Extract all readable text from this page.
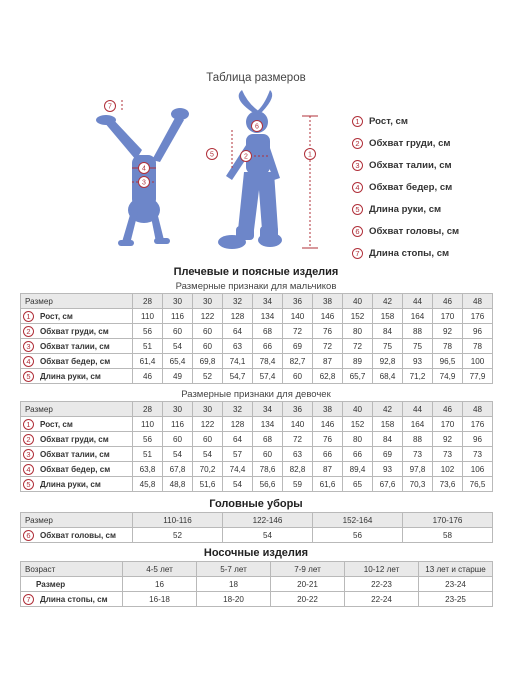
Таблица размеров
7
4
3
6
2
5	1
1 Рост, см
2 Обхват груди, см
3 Обхват талии, см
4 Обхват бедер, см
5 Длина руки, см
6 Обхват головы, см
7 Длина стопы, см
Плечевые и поясные изделия
Размерные признаки для мальчиков
Размер	28	30	30	32	34	36	38	40	42	44	46	48

1 Рост, см	110	116	122	128	134	140	146	152	158	164	170	176

2 Обхват груди, см	56	60	60	64	68	72	76	80	84	88	92	96

3 Обхват талии, см	51	54	60	63	66	69	72	72	75	75	78	78

4 Обхват бедер, см	61,4	65,4	69,8	74,1	78,4	82,7	87	89	92,8	93	96,5	100

5 Длина руки, см	46	49	52	54,7	57,4	60	62,8	65,7	68,4	71,2	74,9	77,9
Размерные признаки для девочек
Размер	28	30	30	32	34	36	38	40	42	44	46	48

1 Рост, см	110	116	122	128	134	140	146	152	158	164	170	176

2 Обхват груди, см	56	60	60	64	68	72	76	80	84	88	92	96

3 Обхват талии, см	51	54	54	57	60	63	66	66	69	73	73	73

4 Обхват бедер, см	63,8	67,8	70,2	74,4	78,6	82,8	87	89,4	93	97,8	102	106

5 Длина руки, см	45,8	48,8	51,6	54	56,6	59	61,6	65	67,6	70,3	73,6	76,5
Головные уборы
Размер	110-116	122-146	152-164	170-176

6 Обхват головы, см	52	54	56	58
Носочные изделия
Возраст	4-5 лет	5-7 лет	7-9 лет	10-12 лет	13 лет и старше
Размер	16	18	20-21	22-23	23-24

7 Длина стопы, см	16-18	18-20	20-22	22-24	23-25
